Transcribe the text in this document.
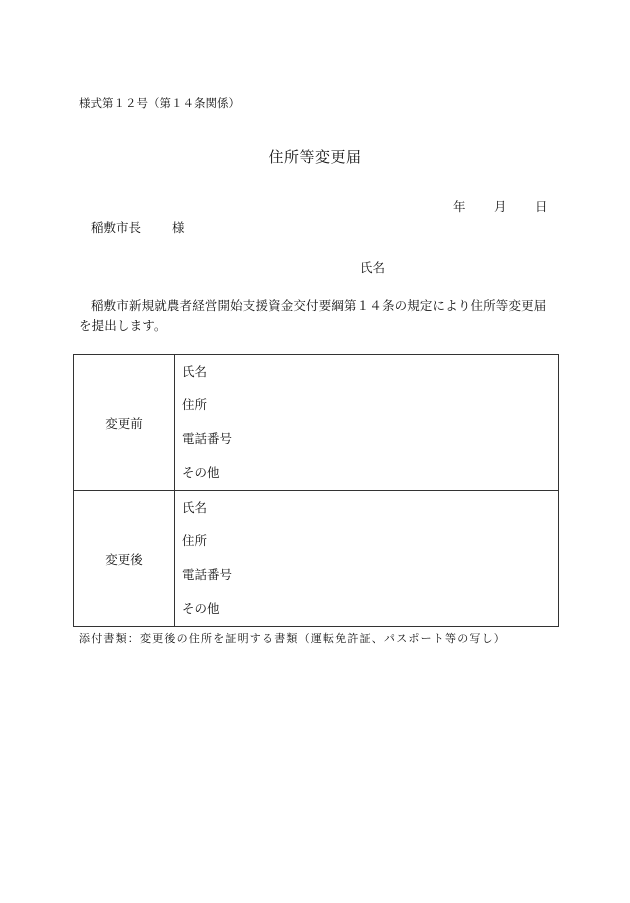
様式第１２号（第１４条関係）
住所等変更届
年 月 日
稲敷市長 様
氏名
稲敷市新規就農者経営開始支援資金交付要綱第１４条の規定により住所等変更届を提出します。
変更前	氏名
住所
電話番号
その他

変更後	氏名
住所
電話番号
その他
添付書類：変更後の住所を証明する書類（運転免許証、パスポート等の写し）
